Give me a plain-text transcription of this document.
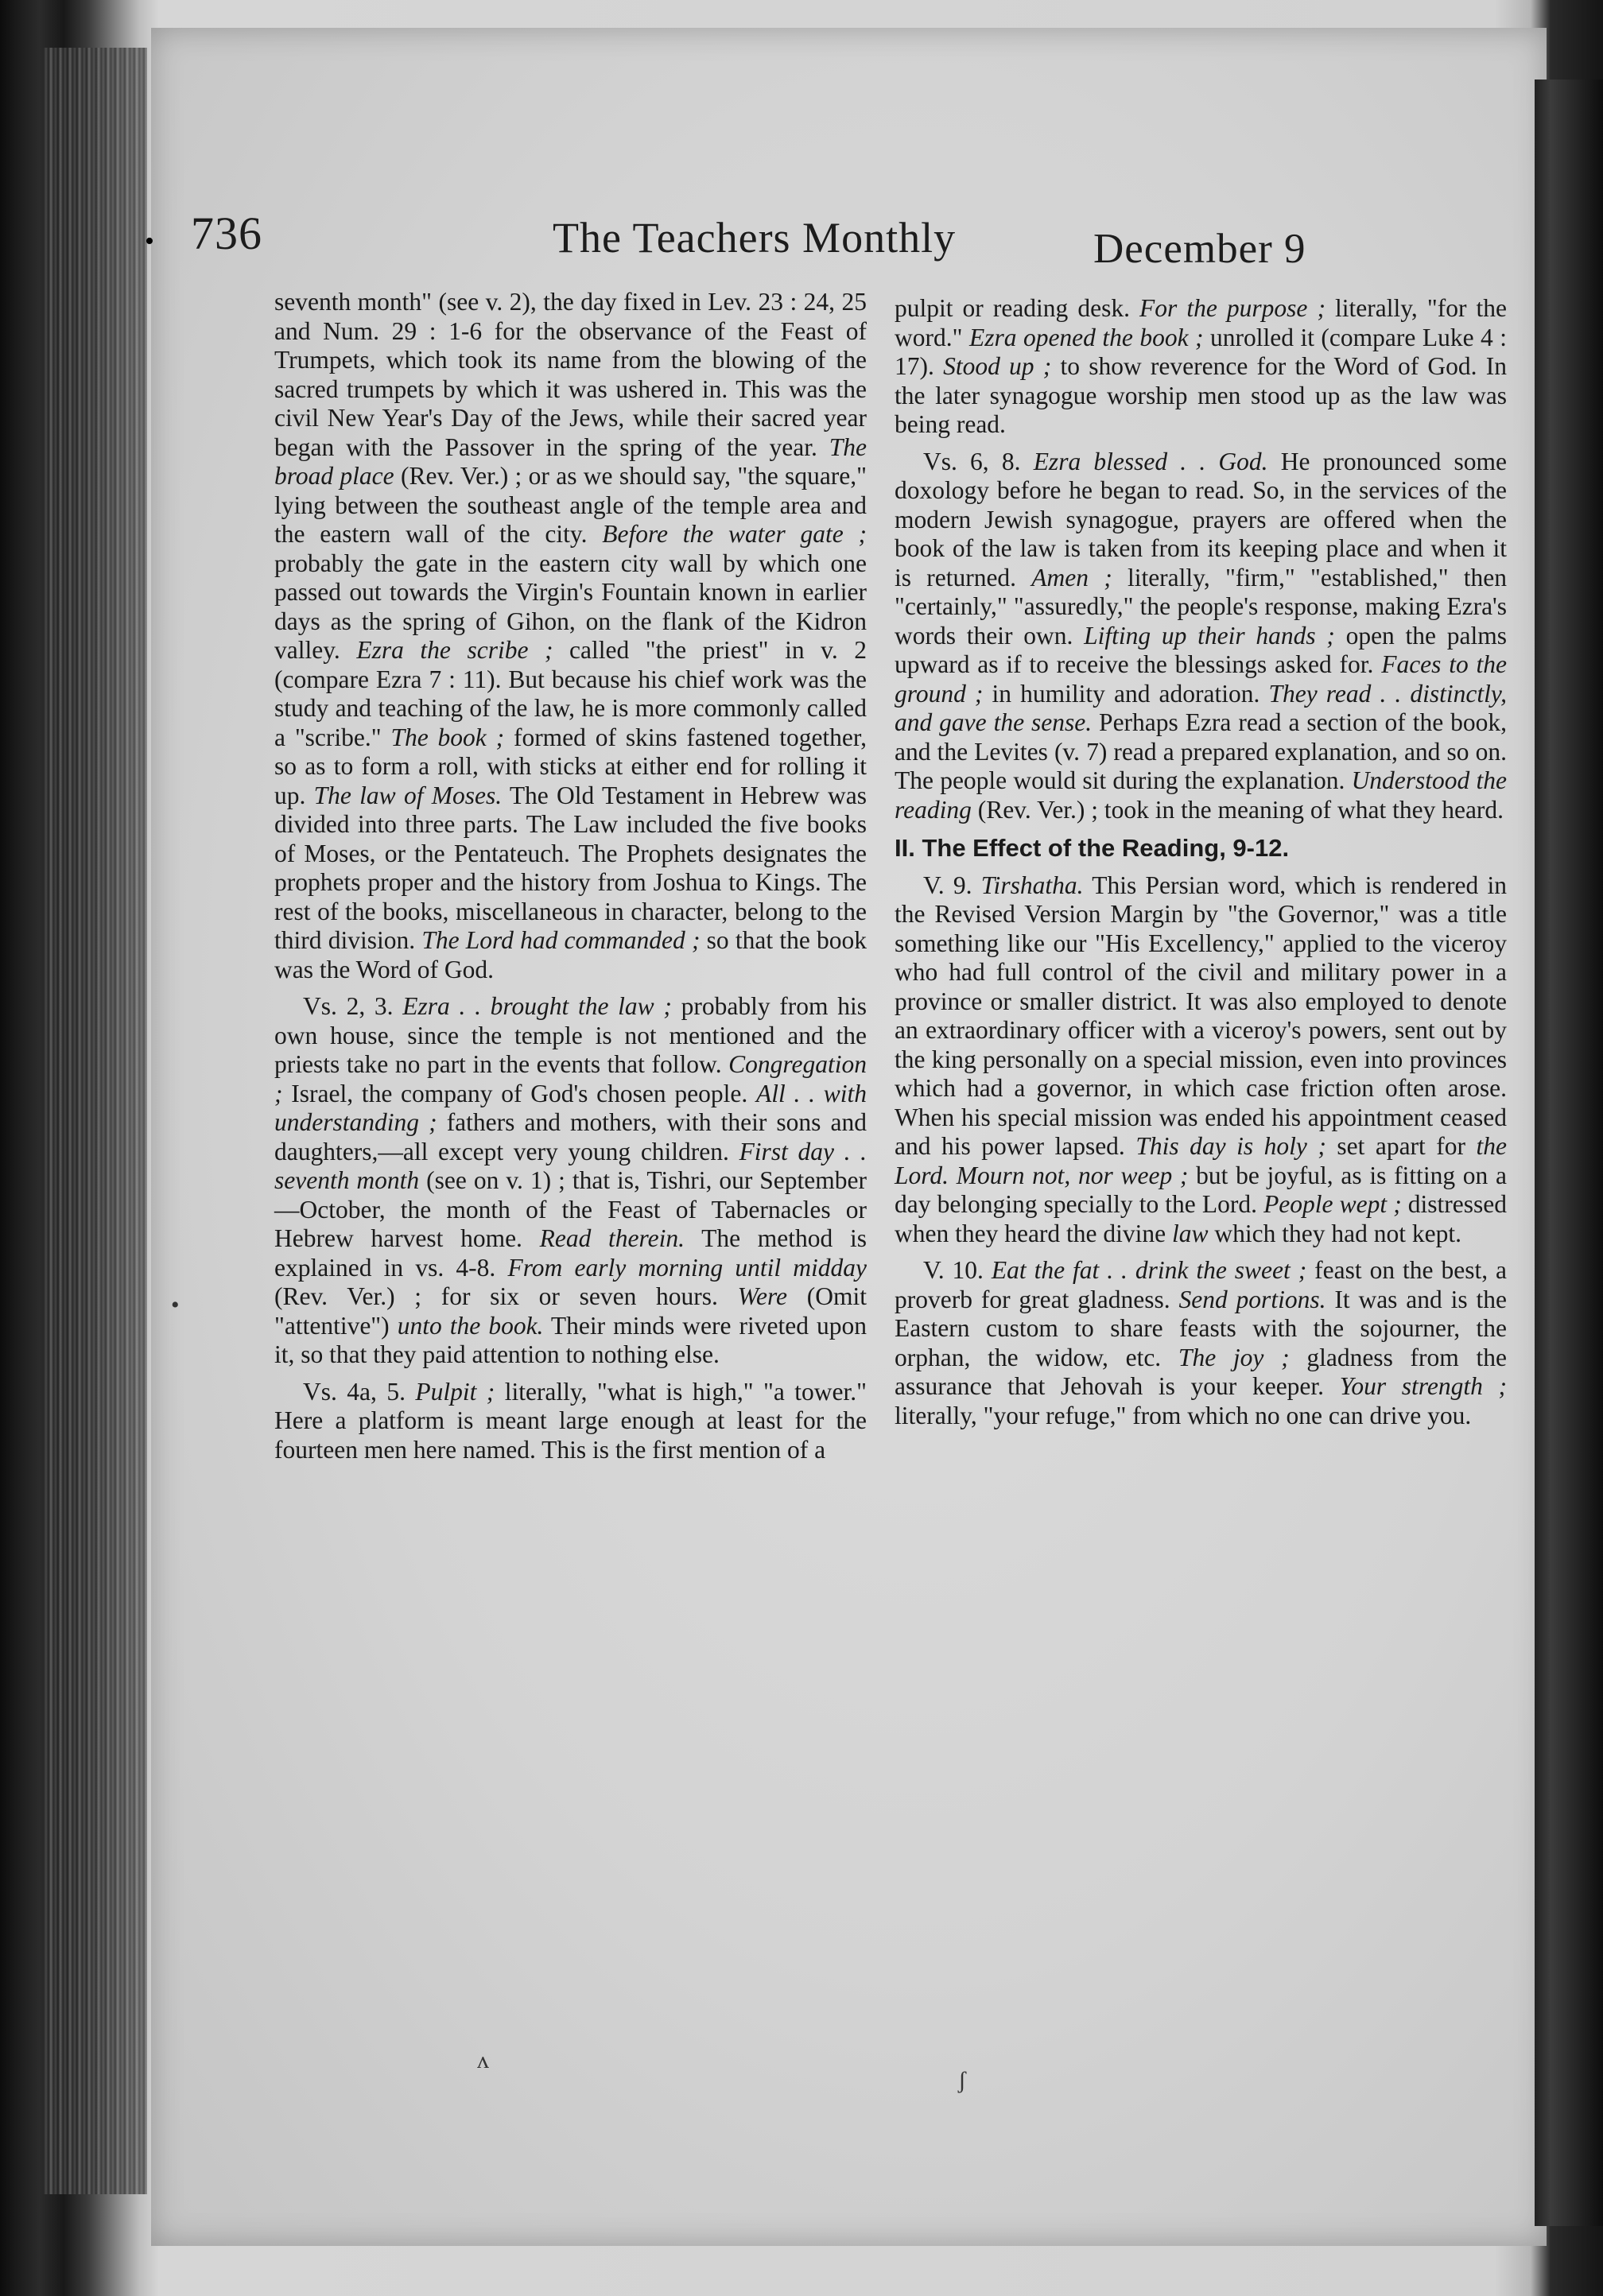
• 736	The Teachers Monthly	December 9

seventh month" (see v. 2), the day fixed in Lev. 23 : 24, 25 and Num. 29 : 1-6 for the observance of the Feast of Trumpets, which took its name from the blowing of the sacred trumpets by which it was ushered in. This was the civil New Year's Day of the Jews, while their sacred year began with the Passover in the spring of the year. The broad place (Rev. Ver.) ; or as we should say, "the square," lying between the southeast angle of the temple area and the eastern wall of the city. Before the water gate ; probably the gate in the eastern city wall by which one passed out towards the Virgin's Fountain known in earlier days as the spring of Gihon, on the flank of the Kidron valley. Ezra the scribe ; called "the priest" in v. 2 (compare Ezra 7 : 11). But because his chief work was the study and teaching of the law, he is more commonly called a "scribe." The book ; formed of skins fastened together, so as to form a roll, with sticks at either end for rolling it up. The law of Moses. The Old Testament in Hebrew was divided into three parts. The Law included the five books of Moses, or the Pentateuch. The Prophets designates the prophets proper and the history from Joshua to Kings. The rest of the books, miscellaneous in character, belong to the third division. The Lord had commanded ; so that the book was the Word of God.

Vs. 2, 3. Ezra . . brought the law ; probably from his own house, since the temple is not mentioned and the priests take no part in the events that follow. Congregation ; Israel, the company of God's chosen people. All . . with understanding ; fathers and mothers, with their sons and daughters,—all except very young children. First day . . seventh month (see on v. 1) ; that is, Tishri, our September—October, the month of the Feast of Tabernacles or Hebrew harvest home. Read therein. The method is explained in vs. 4-8. From early morning until midday (Rev. Ver.) ; for six or seven hours. Were (Omit "attentive") unto the book. Their minds were riveted upon it, so that they paid attention to nothing else.

Vs. 4a, 5. Pulpit ; literally, "what is high," "a tower." Here a platform is meant large enough at least for the fourteen men here named. This is the first mention of a

pulpit or reading desk. For the purpose ; literally, "for the word." Ezra opened the book ; unrolled it (compare Luke 4 : 17). Stood up ; to show reverence for the Word of God. In the later synagogue worship men stood up as the law was being read.

Vs. 6, 8. Ezra blessed . . God. He pronounced some doxology before he began to read. So, in the services of the modern Jewish synagogue, prayers are offered when the book of the law is taken from its keeping place and when it is returned. Amen ; literally, "firm," "established," then "certainly," "assuredly," the people's response, making Ezra's words their own. Lifting up their hands ; open the palms upward as if to receive the blessings asked for. Faces to the ground ; in humility and adoration. They read . . distinctly, and gave the sense. Perhaps Ezra read a section of the book, and the Levites (v. 7) read a prepared explanation, and so on. The people would sit during the explanation. Understood the reading (Rev. Ver.) ; took in the meaning of what they heard.

II. The Effect of the Reading, 9-12.

V. 9. Tirshatha. This Persian word, which is rendered in the Revised Version Margin by "the Governor," was a title something like our "His Excellency," applied to the viceroy who had full control of the civil and military power in a province or smaller district. It was also employed to denote an extraordinary officer with a viceroy's powers, sent out by the king personally on a special mission, even into provinces which had a governor, in which case friction often arose. When his special mission was ended his appointment ceased and his power lapsed. This day is holy ; set apart for the Lord. Mourn not, nor weep ; but be joyful, as is fitting on a day belonging specially to the Lord. People wept ; distressed when they heard the divine law which they had not kept.

V. 10. Eat the fat . . drink the sweet ; feast on the best, a proverb for great gladness. Send portions. It was and is the Eastern custom to share feasts with the sojourner, the orphan, the widow, etc. The joy ; gladness from the assurance that Jehovah is your keeper. Your strength ; literally, "your refuge," from which no one can drive you.

•
ʌ
ʃ
